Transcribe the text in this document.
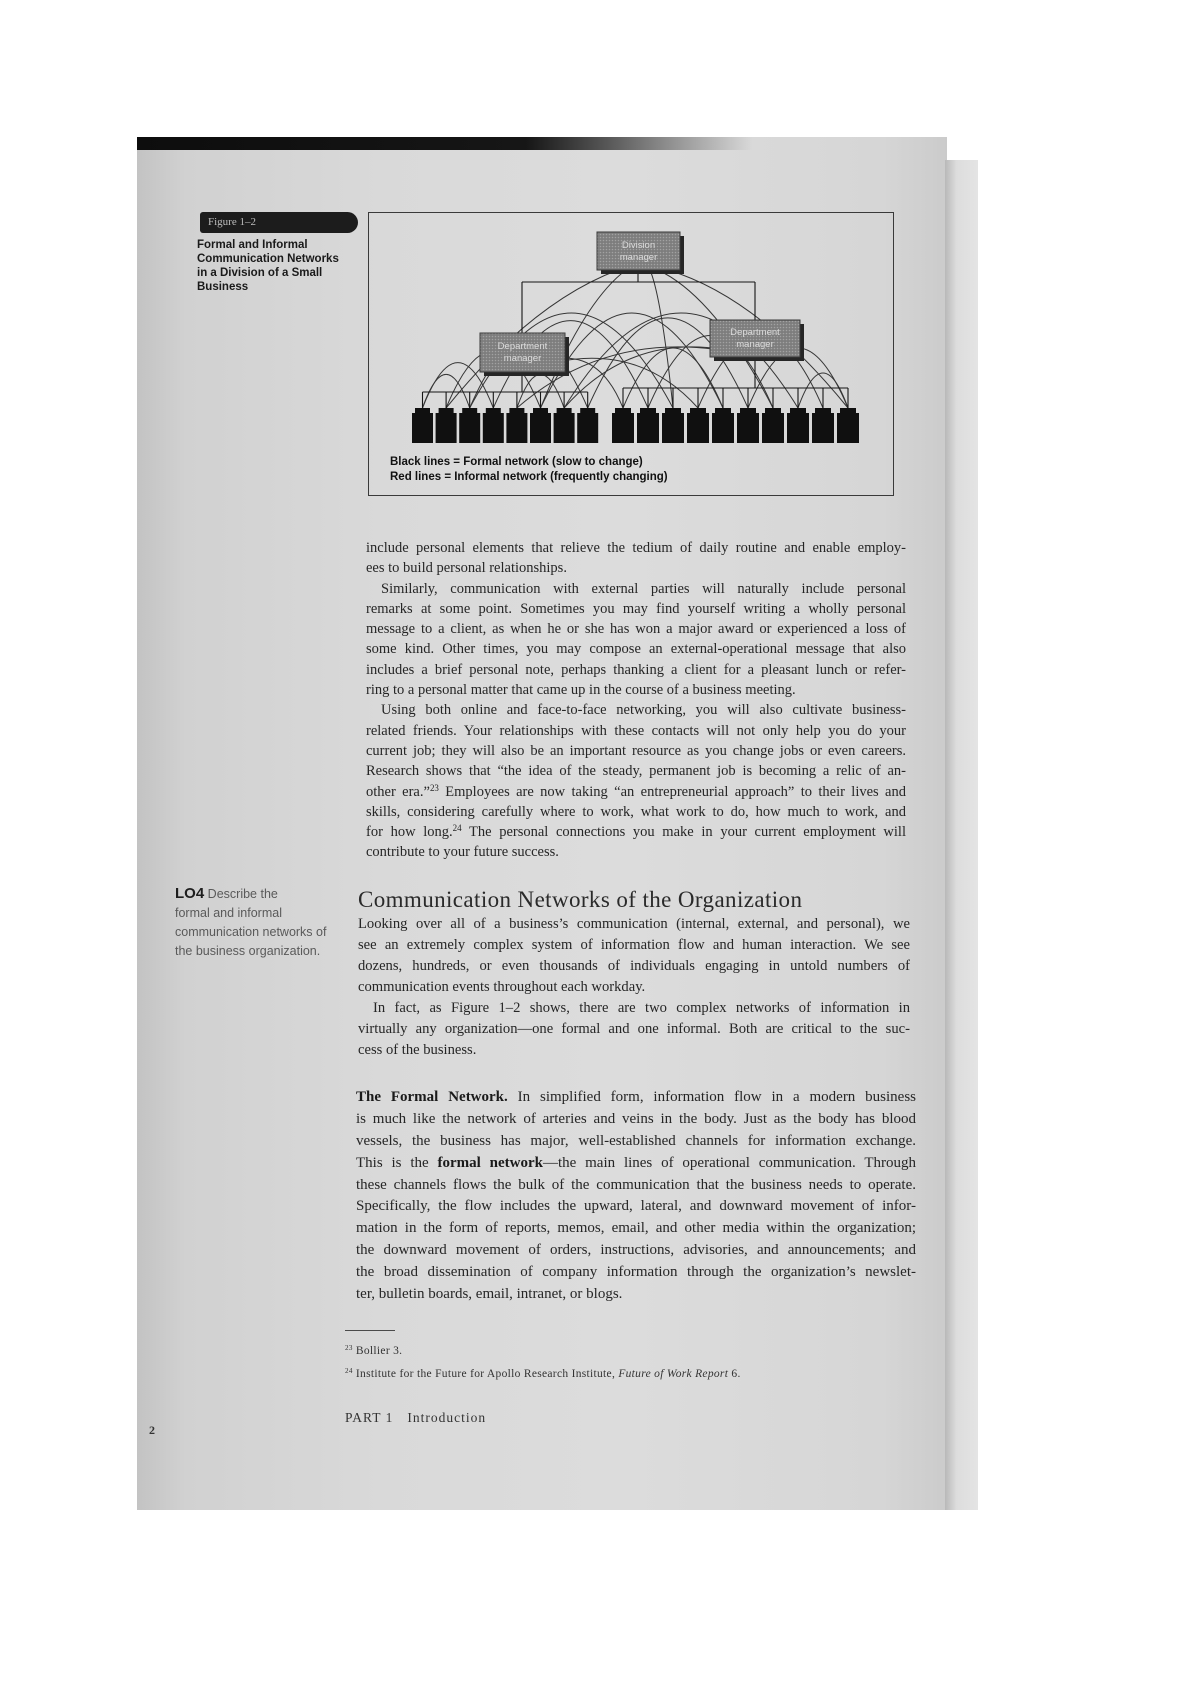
Figure 1–2
Formal and Informal
Communication Networks
in a Division of a Small
Business
Division
manager
Department
manager
Department
manager
Black lines = Formal network (slow to change)
Red lines = Informal network (frequently changing)
include personal elements that relieve the tedium of daily routine and enable employ-
ees to build personal relationships.
Similarly, communication with external parties will naturally include personal
remarks at some point. Sometimes you may find yourself writing a wholly personal
message to a client, as when he or she has won a major award or experienced a loss of
some kind. Other times, you may compose an external-operational message that also
includes a brief personal note, perhaps thanking a client for a pleasant lunch or refer-
ring to a personal matter that came up in the course of a business meeting.
Using both online and face-to-face networking, you will also cultivate business-
related friends. Your relationships with these contacts will not only help you do your
current job; they will also be an important resource as you change jobs or even careers.
Research shows that “the idea of the steady, permanent job is becoming a relic of an-
other era.”$^{23}$ Employees are now taking “an entrepreneurial approach” to their lives and
skills, considering carefully where to work, what work to do, how much to work, and
for how long.$^{24}$ The personal connections you make in your current employment will
contribute to your future success.
LO4 Describe the
formal and informal
communication networks of
the business organization.
Communication Networks of the Organization
Looking over all of a business’s communication (internal, external, and personal), we
see an extremely complex system of information flow and human interaction. We see
dozens, hundreds, or even thousands of individuals engaging in untold numbers of
communication events throughout each workday.
In fact, as Figure 1–2 shows, there are two complex networks of information in
virtually any organization—one formal and one informal. Both are critical to the suc-
cess of the business.
The Formal Network. In simplified form, information flow in a modern business
is much like the network of arteries and veins in the body. Just as the body has blood
vessels, the business has major, well-established channels for information exchange.
This is the formal network—the main lines of operational communication. Through
these channels flows the bulk of the communication that the business needs to operate.
Specifically, the flow includes the upward, lateral, and downward movement of infor-
mation in the form of reports, memos, email, and other media within the organization;
the downward movement of orders, instructions, advisories, and announcements; and
the broad dissemination of company information through the organization’s newslet-
ter, bulletin boards, email, intranet, or blogs.
$^{23}$ Bollier 3.
$^{24}$ Institute for the Future for Apollo Research Institute, Future of Work Report 6.
PART 1 Introduction
2
